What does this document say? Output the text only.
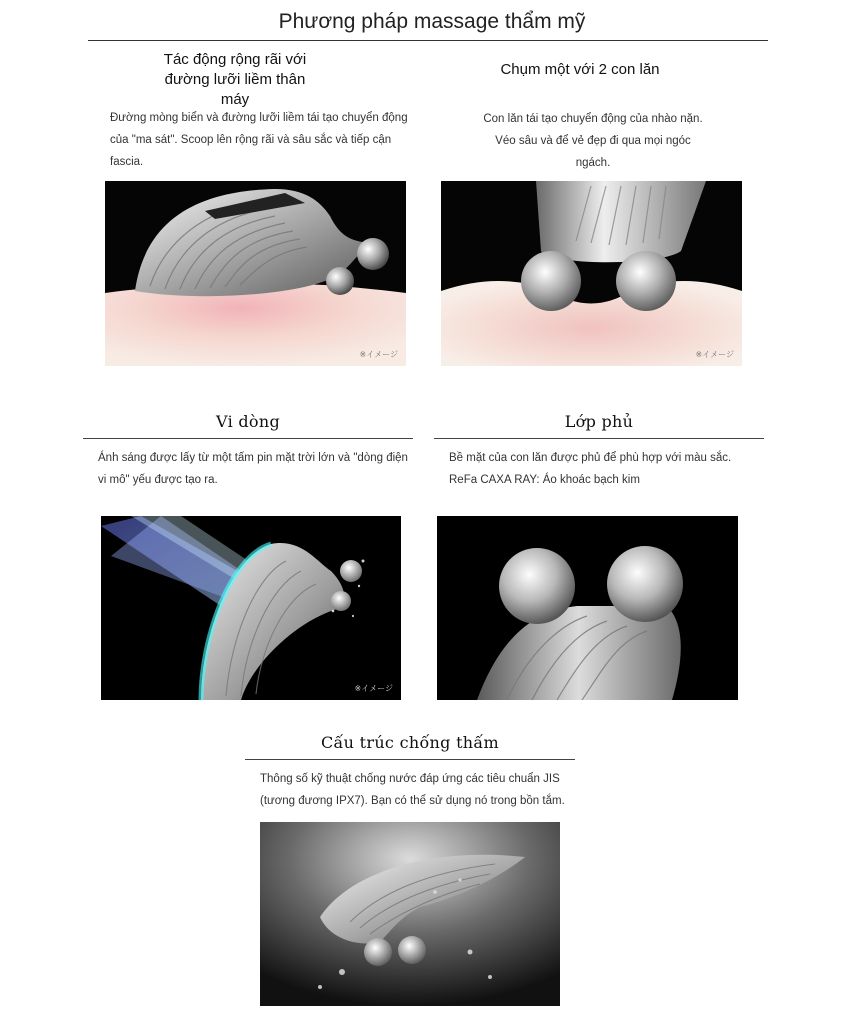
Phương pháp massage thẩm mỹ
Tác động rộng rãi với đường lưỡi liềm thân máy
Đường mòng biển và đường lưỡi liềm tái tạo chuyển động của "ma sát". Scoop lên rộng rãi và sâu sắc và tiếp cận fascia.
※イメージ
Chụm một với 2 con lăn
Con lăn tái tạo chuyển động của nhào nặn. Véo sâu và để vẻ đẹp đi qua mọi ngóc ngách.
※イメージ
Vi dòng
Ánh sáng được lấy từ một tấm pin mặt trời lớn và "dòng điện vi mô" yếu được tạo ra.
※イメージ
Lớp phủ
Bề mặt của con lăn được phủ để phù hợp với màu sắc.
ReFa CAXA RAY: Áo khoác bạch kim
Cấu trúc chống thấm
Thông số kỹ thuật chống nước đáp ứng các tiêu chuẩn JIS (tương đương IPX7). Bạn có thể sử dụng nó trong bồn tắm.
